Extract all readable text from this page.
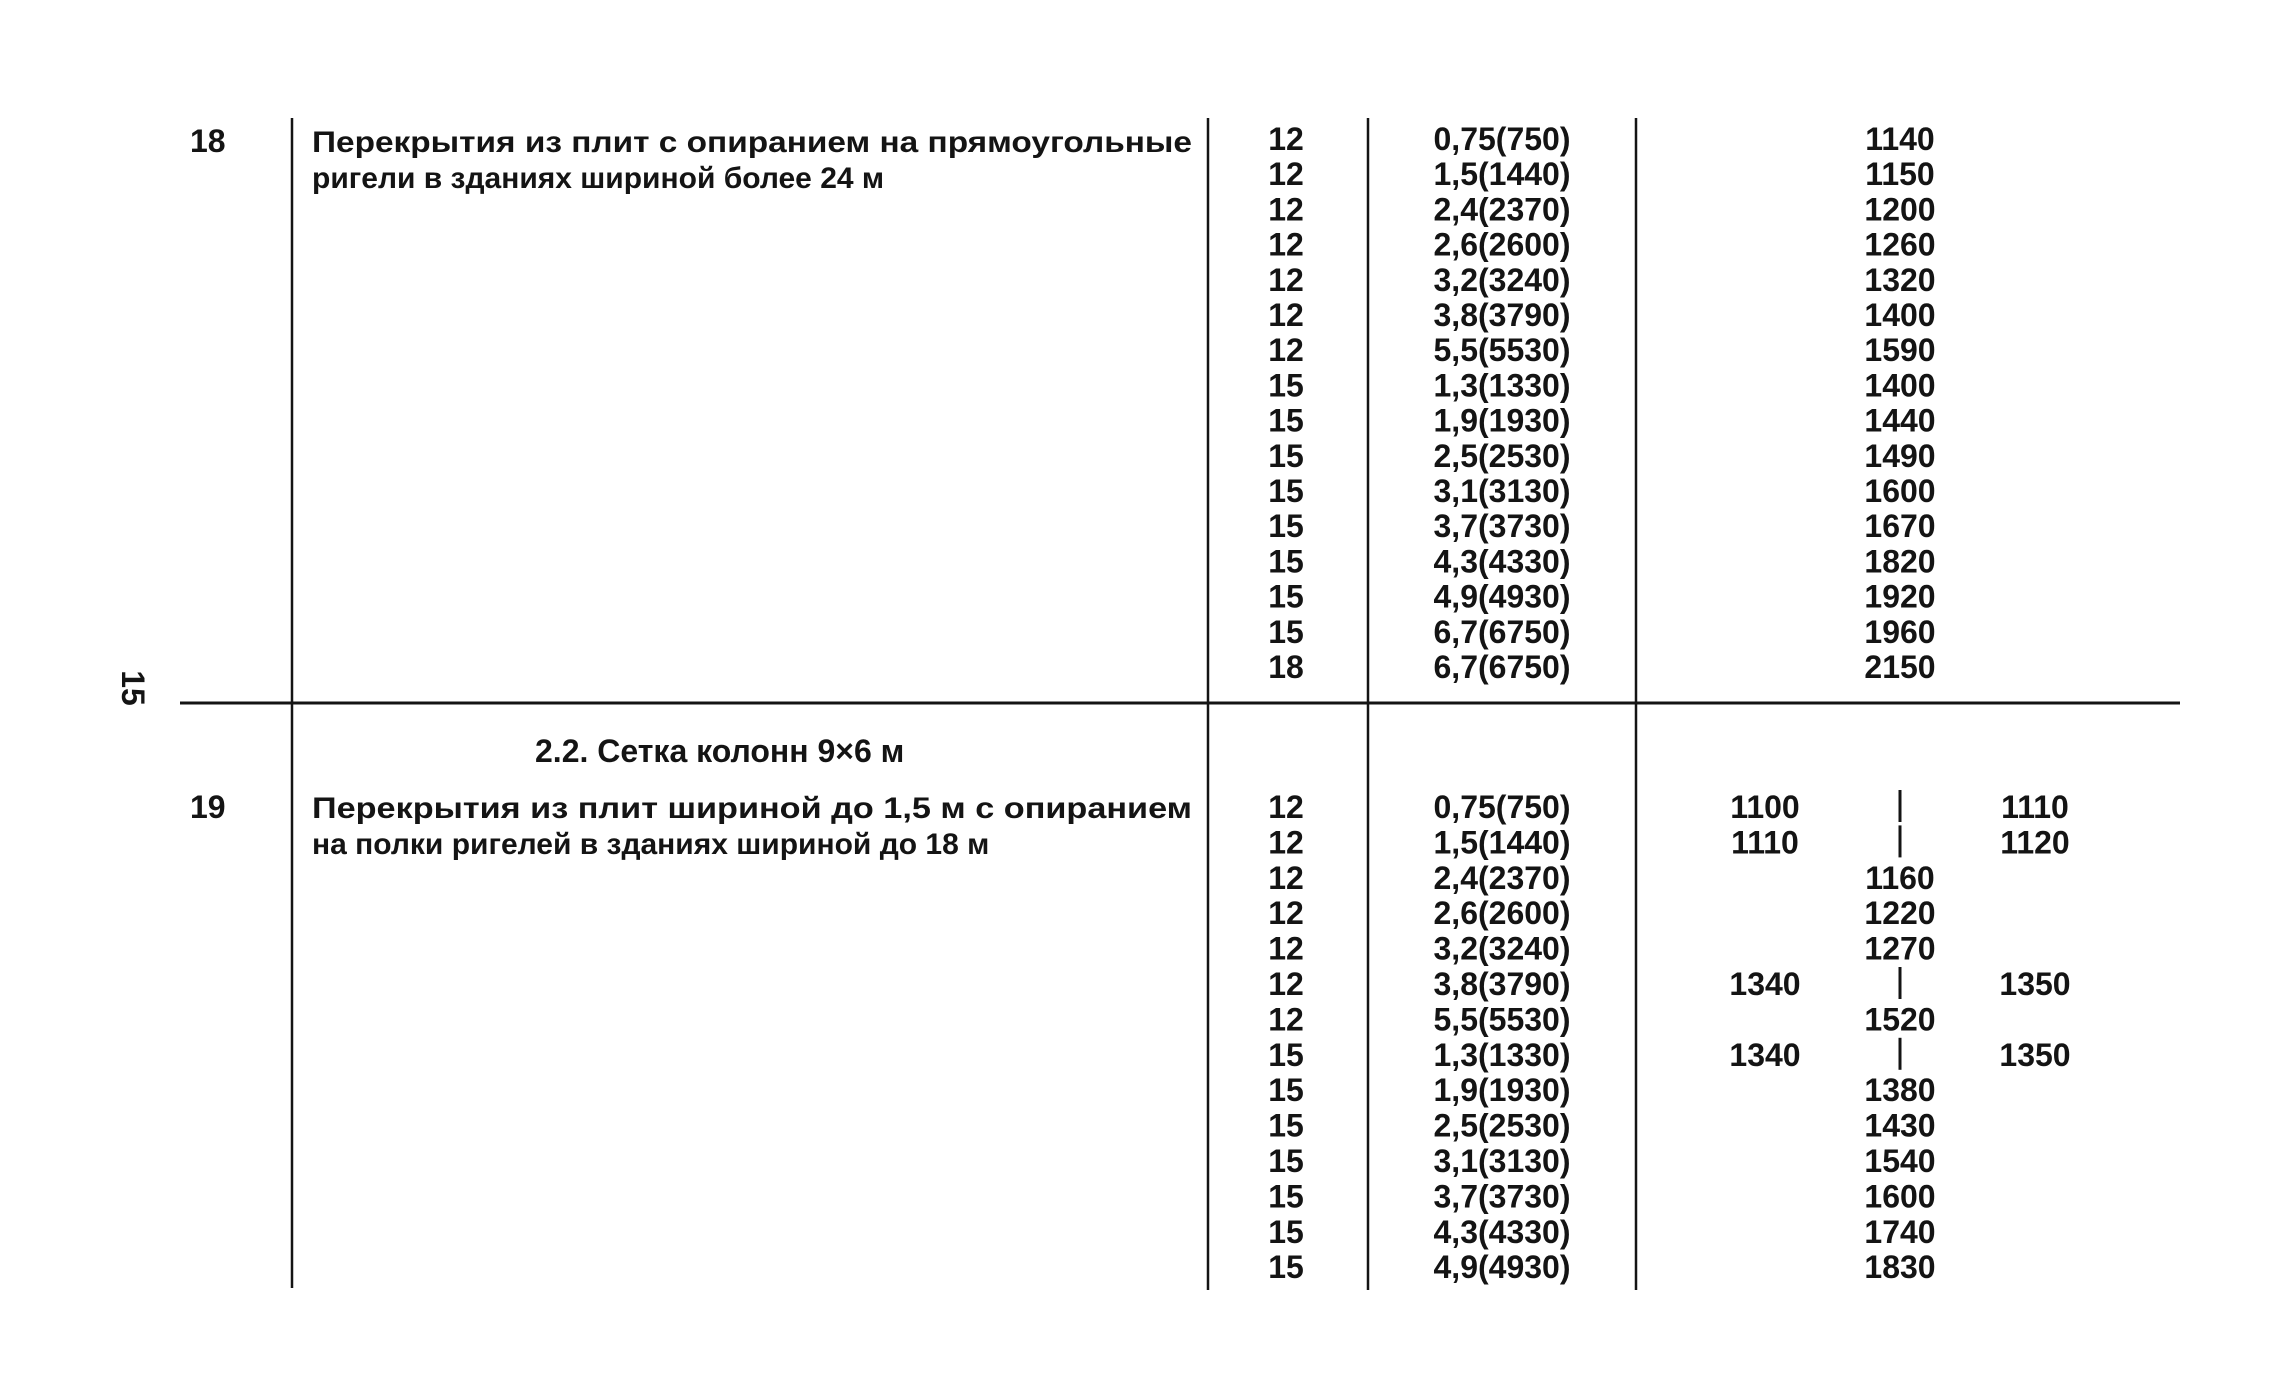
15
2.2. Сетка колонн 9×6 м
18	Перекрытия из плит с опиранием на прямоугольные
ригели в зданиях шириной более 24 м
12	0,75(750)	1140
12	1,5(1440)	1150
12	2,4(2370)	1200
12	2,6(2600)	1260
12	3,2(3240)	1320
12	3,8(3790)	1400
12	5,5(5530)	1590
15	1,3(1330)	1400
15	1,9(1930)	1440
15	2,5(2530)	1490
15	3,1(3130)	1600
15	3,7(3730)	1670
15	4,3(4330)	1820
15	4,9(4930)	1920
15	6,7(6750)	1960
18	6,7(6750)	2150
19	Перекрытия из плит шириной до 1,5 м с опиранием
на полки ригелей в зданиях шириной до 18 м
12	0,75(750)	1100	1110
12	1,5(1440)	1110	1120
12	2,4(2370)	1160
12	2,6(2600)	1220
12	3,2(3240)	1270
12	3,8(3790)	1340	1350
12	5,5(5530)	1520
15	1,3(1330)	1340	1350
15	1,9(1930)	1380
15	2,5(2530)	1430
15	3,1(3130)	1540
15	3,7(3730)	1600
15	4,3(4330)	1740
15	4,9(4930)	1830
